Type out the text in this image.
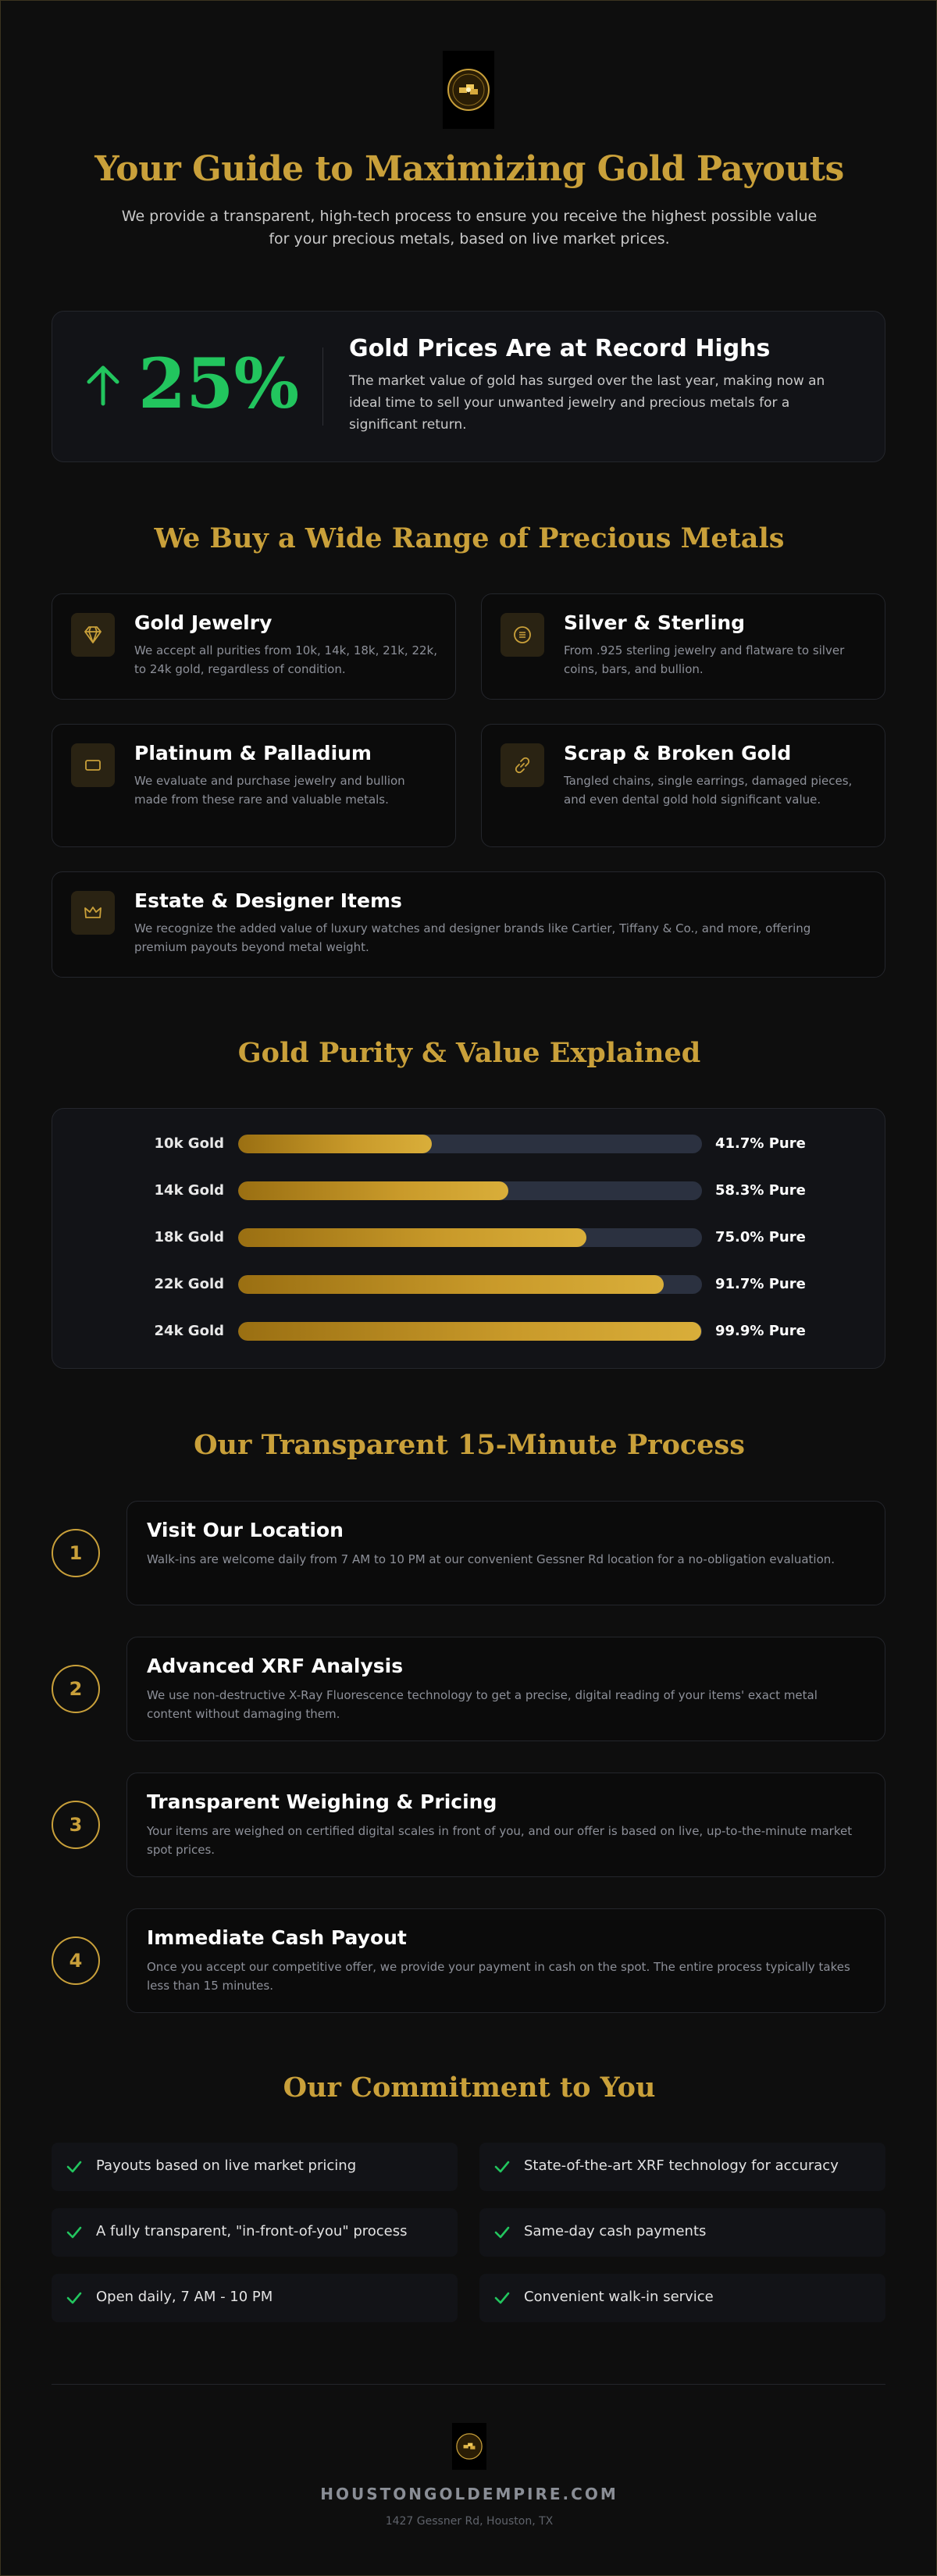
Your Guide to Maximizing Gold Payouts
We provide a transparent, high-tech process to ensure you receive the highest possible value for your precious metals, based on live market prices.
25% Gold Prices Are at Record Highs
The market value of gold has surged over the last year, making now an ideal time to sell your unwanted jewelry and precious metals for a significant return.
We Buy a Wide Range of Precious Metals
Gold Jewelry
We accept all purities from 10k, 14k, 18k, 21k, 22k, to 24k gold, regardless of condition.
Silver & Sterling
From .925 sterling jewelry and flatware to silver coins, bars, and bullion.
Platinum & Palladium
We evaluate and purchase jewelry and bullion made from these rare and valuable metals.
Scrap & Broken Gold
Tangled chains, single earrings, damaged pieces, and even dental gold hold significant value.
Estate & Designer Items
We recognize the added value of luxury watches and designer brands like Cartier, Tiffany & Co., and more, offering premium payouts beyond metal weight.
Gold Purity & Value Explained
10k Gold	41.7% Pure
14k Gold	58.3% Pure
18k Gold	75.0% Pure
22k Gold	91.7% Pure
24k Gold	99.9% Pure
Our Transparent 15-Minute Process
1
Visit Our Location
Walk-ins are welcome daily from 7 AM to 10 PM at our convenient Gessner Rd location for a no-obligation evaluation.
2
Advanced XRF Analysis
We use non-destructive X-Ray Fluorescence technology to get a precise, digital reading of your items' exact metal content without damaging them.
3
Transparent Weighing & Pricing
Your items are weighed on certified digital scales in front of you, and our offer is based on live, up-to-the-minute market spot prices.
4
Immediate Cash Payout
Once you accept our competitive offer, we provide your payment in cash on the spot. The entire process typically takes less than 15 minutes.
Our Commitment to You
Payouts based on live market pricing	State-of-the-art XRF technology for accuracy
A fully transparent, "in-front-of-you" process	Same-day cash payments
Open daily, 7 AM - 10 PM	Convenient walk-in service
HOUSTONGOLDEMPIRE.COM
1427 Gessner Rd, Houston, TX
